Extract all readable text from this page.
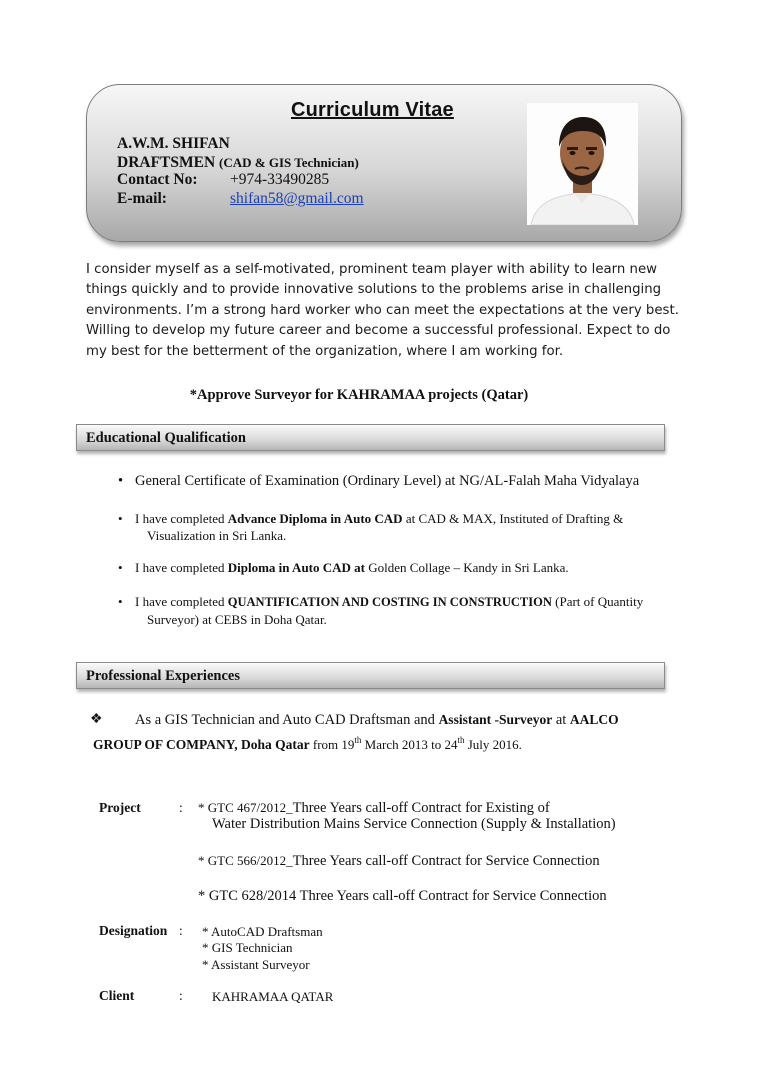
Curriculum Vitae
A.W.M. SHIFAN
DRAFTSMEN (CAD & GIS Technician)
Contact No: +974-33490285
E-mail:	shifan58@gmail.com
I consider myself as a self-motivated, prominent team player with ability to learn new
things quickly and to provide innovative solutions to the problems arise in challenging
environments. I’m a strong hard worker who can meet the expectations at the very best.
Willing to develop my future career and become a successful professional. Expect to do
my best for the betterment of the organization, where I am working for.
*Approve Surveyor for KAHRAMAA projects (Qatar)
Educational Qualification
• General Certificate of Examination (Ordinary Level) at NG/AL-Falah Maha Vidyalaya
• I have completed Advance Diploma in Auto CAD at CAD & MAX, Instituted of Drafting &
Visualization in Sri Lanka.
• I have completed Diploma in Auto CAD at Golden Collage – Kandy in Sri Lanka.
• I have completed QUANTIFICATION AND COSTING IN CONSTRUCTION (Part of Quantity
Surveyor) at CEBS in Doha Qatar.
Professional Experiences
❖ As a GIS Technician and Auto CAD Draftsman and Assistant -Surveyor at AALCO
GROUP OF COMPANY, Doha Qatar from 19th March 2013 to 24th July 2016.
Project	: * GTC 467/2012_Three Years call-off Contract for Existing of
Water Distribution Mains Service Connection (Supply & Installation)
* GTC 566/2012_Three Years call-off Contract for Service Connection
* GTC 628/2014 Three Years call-off Contract for Service Connection
Designation : * AutoCAD Draftsman
* GIS Technician
* Assistant Surveyor
Client	: KAHRAMAA QATAR
